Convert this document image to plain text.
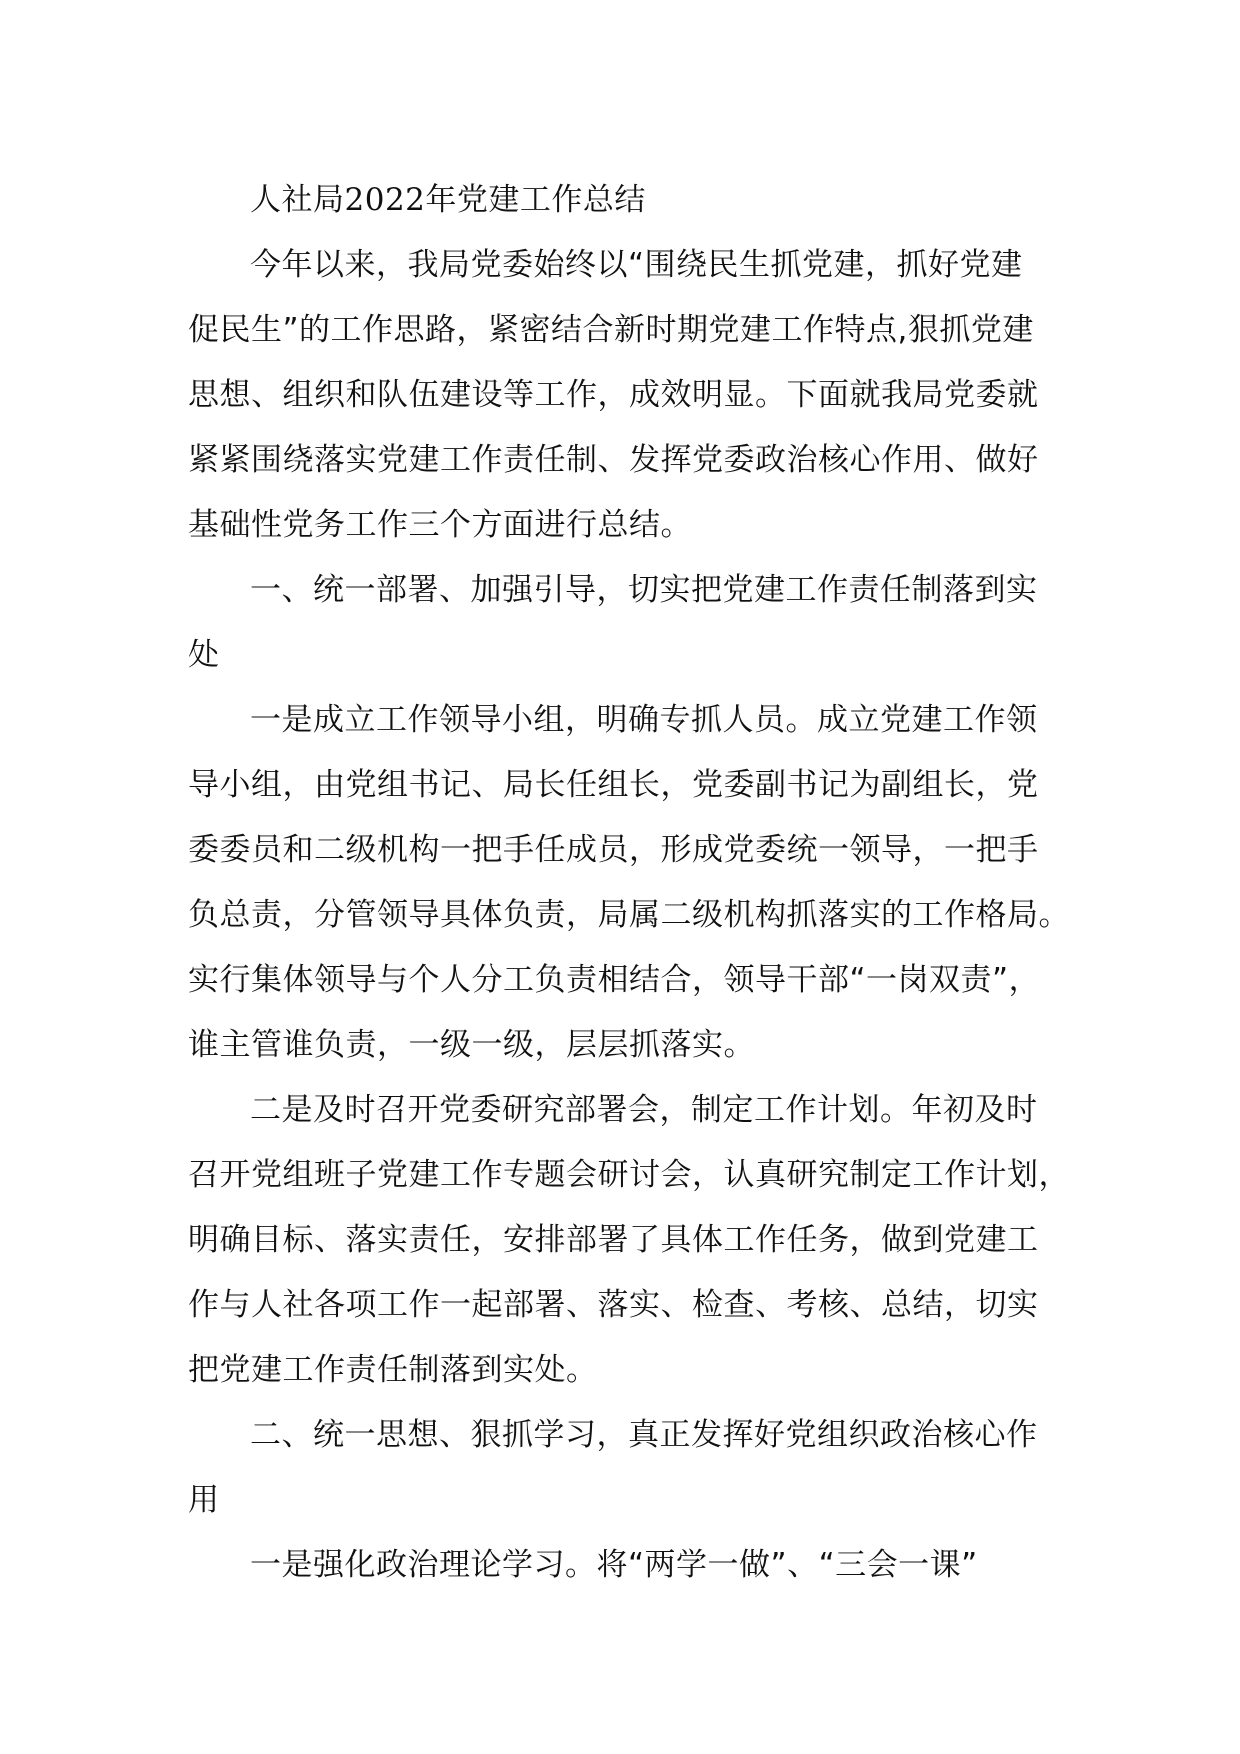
人社局2022年党建工作总结

今年以来，我局党委始终以“围绕民生抓党建，抓好党建

促民生”的工作思路，紧密结合新时期党建工作特点,狠抓党建

思想、组织和队伍建设等工作，成效明显。下面就我局党委就

紧紧围绕落实党建工作责任制、发挥党委政治核心作用、做好

基础性党务工作三个方面进行总结。

一、统一部署、加强引导，切实把党建工作责任制落到实

处

一是成立工作领导小组，明确专抓人员。成立党建工作领

导小组，由党组书记、局长任组长，党委副书记为副组长，党

委委员和二级机构一把手任成员，形成党委统一领导，一把手

负总责，分管领导具体负责，局属二级机构抓落实的工作格局。

实行集体领导与个人分工负责相结合，领导干部“一岗双责”，

谁主管谁负责，一级一级，层层抓落实。

二是及时召开党委研究部署会，制定工作计划。年初及时

召开党组班子党建工作专题会研讨会，认真研究制定工作计划，

明确目标、落实责任，安排部署了具体工作任务，做到党建工

作与人社各项工作一起部署、落实、检查、考核、总结，切实

把党建工作责任制落到实处。

二、统一思想、狠抓学习，真正发挥好党组织政治核心作

用

一是强化政治理论学习。将“两学一做”、“三会一课”
